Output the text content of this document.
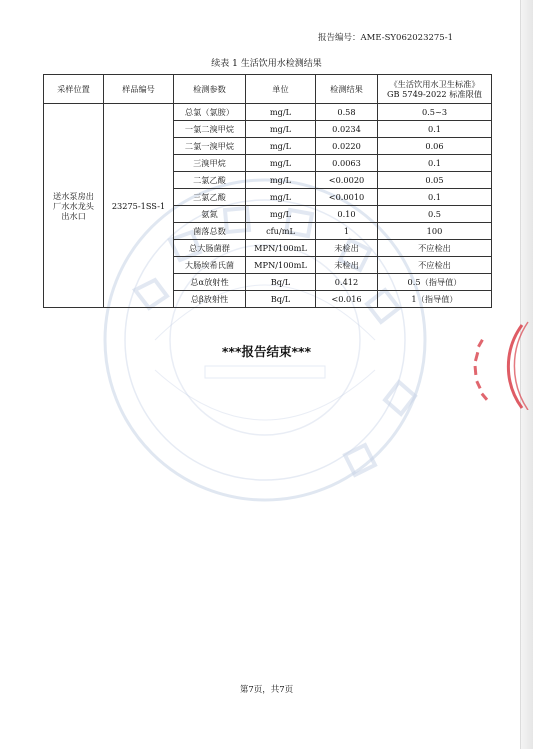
报告编号：AME-SY062023275-1
续表 1 生活饮用水检测结果
采样位置	样品编号	检测参数	单位	检测结果	《生活饮用水卫生标准》
GB 5749-2022 标准限值

送水泵房出厂水水龙头出水口	23275-1SS-1	总氯（氯胺）	mg/L	0.58	0.5~3
		一氯二溴甲烷	mg/L	0.0234	0.1
		二氯一溴甲烷	mg/L	0.0220	0.06
		三溴甲烷	mg/L	0.0063	0.1
		二氯乙酸	mg/L	<0.0020	0.05
		三氯乙酸	mg/L	<0.0010	0.1
		氨氮	mg/L	0.10	0.5
		菌落总数	cfu/mL	1	100
		总大肠菌群	MPN/100mL	未检出	不应检出
		大肠埃希氏菌	MPN/100mL	未检出	不应检出
		总α放射性	Bq/L	0.412	0.5（指导值）
		总β放射性	Bq/L	<0.016	1（指导值）
***报告结束***
第7页，共7页
